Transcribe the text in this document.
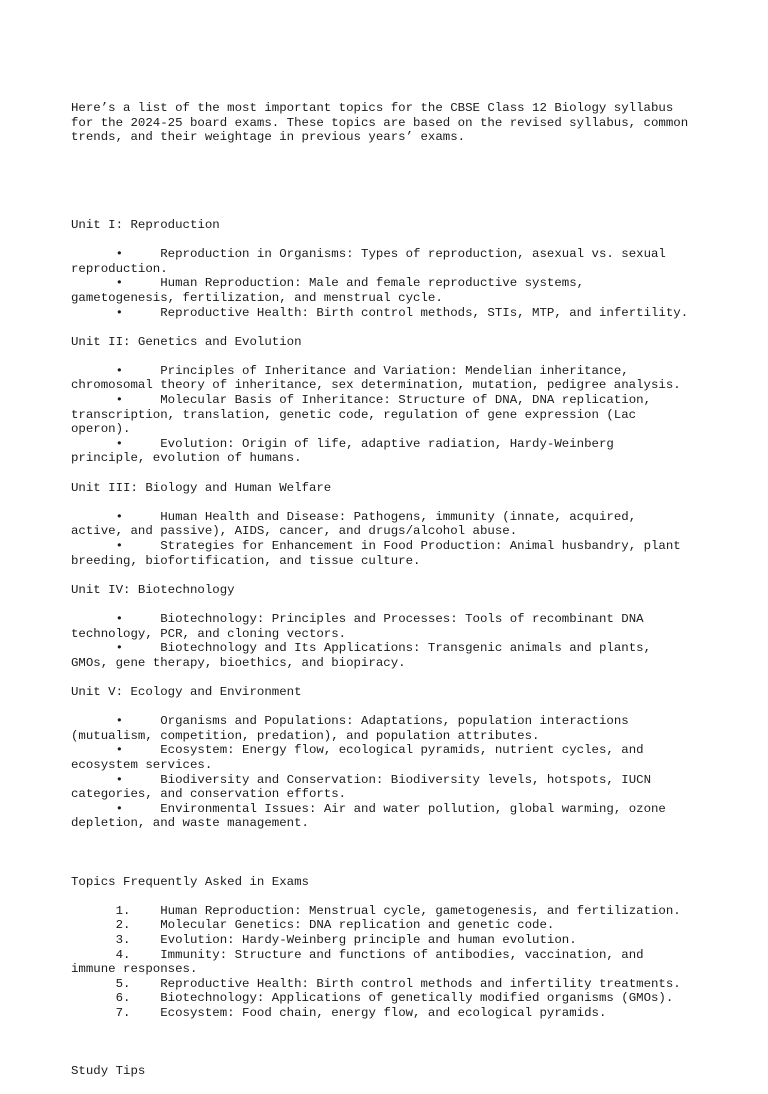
Here’s a list of the most important topics for the CBSE Class 12 Biology syllabus
for the 2024-25 board exams. These topics are based on the revised syllabus, common
trends, and their weightage in previous years’ exams.

Unit I: Reproduction

•	Reproduction in Organisms: Types of reproduction, asexual vs. sexual
reproduction.
•	Human Reproduction: Male and female reproductive systems,
gametogenesis, fertilization, and menstrual cycle.
•	Reproductive Health: Birth control methods, STIs, MTP, and infertility.

Unit II: Genetics and Evolution

•	Principles of Inheritance and Variation: Mendelian inheritance,
chromosomal theory of inheritance, sex determination, mutation, pedigree analysis.
•	Molecular Basis of Inheritance: Structure of DNA, DNA replication,
transcription, translation, genetic code, regulation of gene expression (Lac
operon).
•	Evolution: Origin of life, adaptive radiation, Hardy-Weinberg
principle, evolution of humans.

Unit III: Biology and Human Welfare

•	Human Health and Disease: Pathogens, immunity (innate, acquired,
active, and passive), AIDS, cancer, and drugs/alcohol abuse.
•	Strategies for Enhancement in Food Production: Animal husbandry, plant
breeding, biofortification, and tissue culture.

Unit IV: Biotechnology

•	Biotechnology: Principles and Processes: Tools of recombinant DNA
technology, PCR, and cloning vectors.
•	Biotechnology and Its Applications: Transgenic animals and plants,
GMOs, gene therapy, bioethics, and biopiracy.

Unit V: Ecology and Environment

•	Organisms and Populations: Adaptations, population interactions
(mutualism, competition, predation), and population attributes.
•	Ecosystem: Energy flow, ecological pyramids, nutrient cycles, and
ecosystem services.
•	Biodiversity and Conservation: Biodiversity levels, hotspots, IUCN
categories, and conservation efforts.
•	Environmental Issues: Air and water pollution, global warming, ozone
depletion, and waste management.

Topics Frequently Asked in Exams

1. Human Reproduction: Menstrual cycle, gametogenesis, and fertilization.
2. Molecular Genetics: DNA replication and genetic code.
3. Evolution: Hardy-Weinberg principle and human evolution.
4. Immunity: Structure and functions of antibodies, vaccination, and
immune responses.
5. Reproductive Health: Birth control methods and infertility treatments.
6. Biotechnology: Applications of genetically modified organisms (GMOs).
7. Ecosystem: Food chain, energy flow, and ecological pyramids.

Study Tips
